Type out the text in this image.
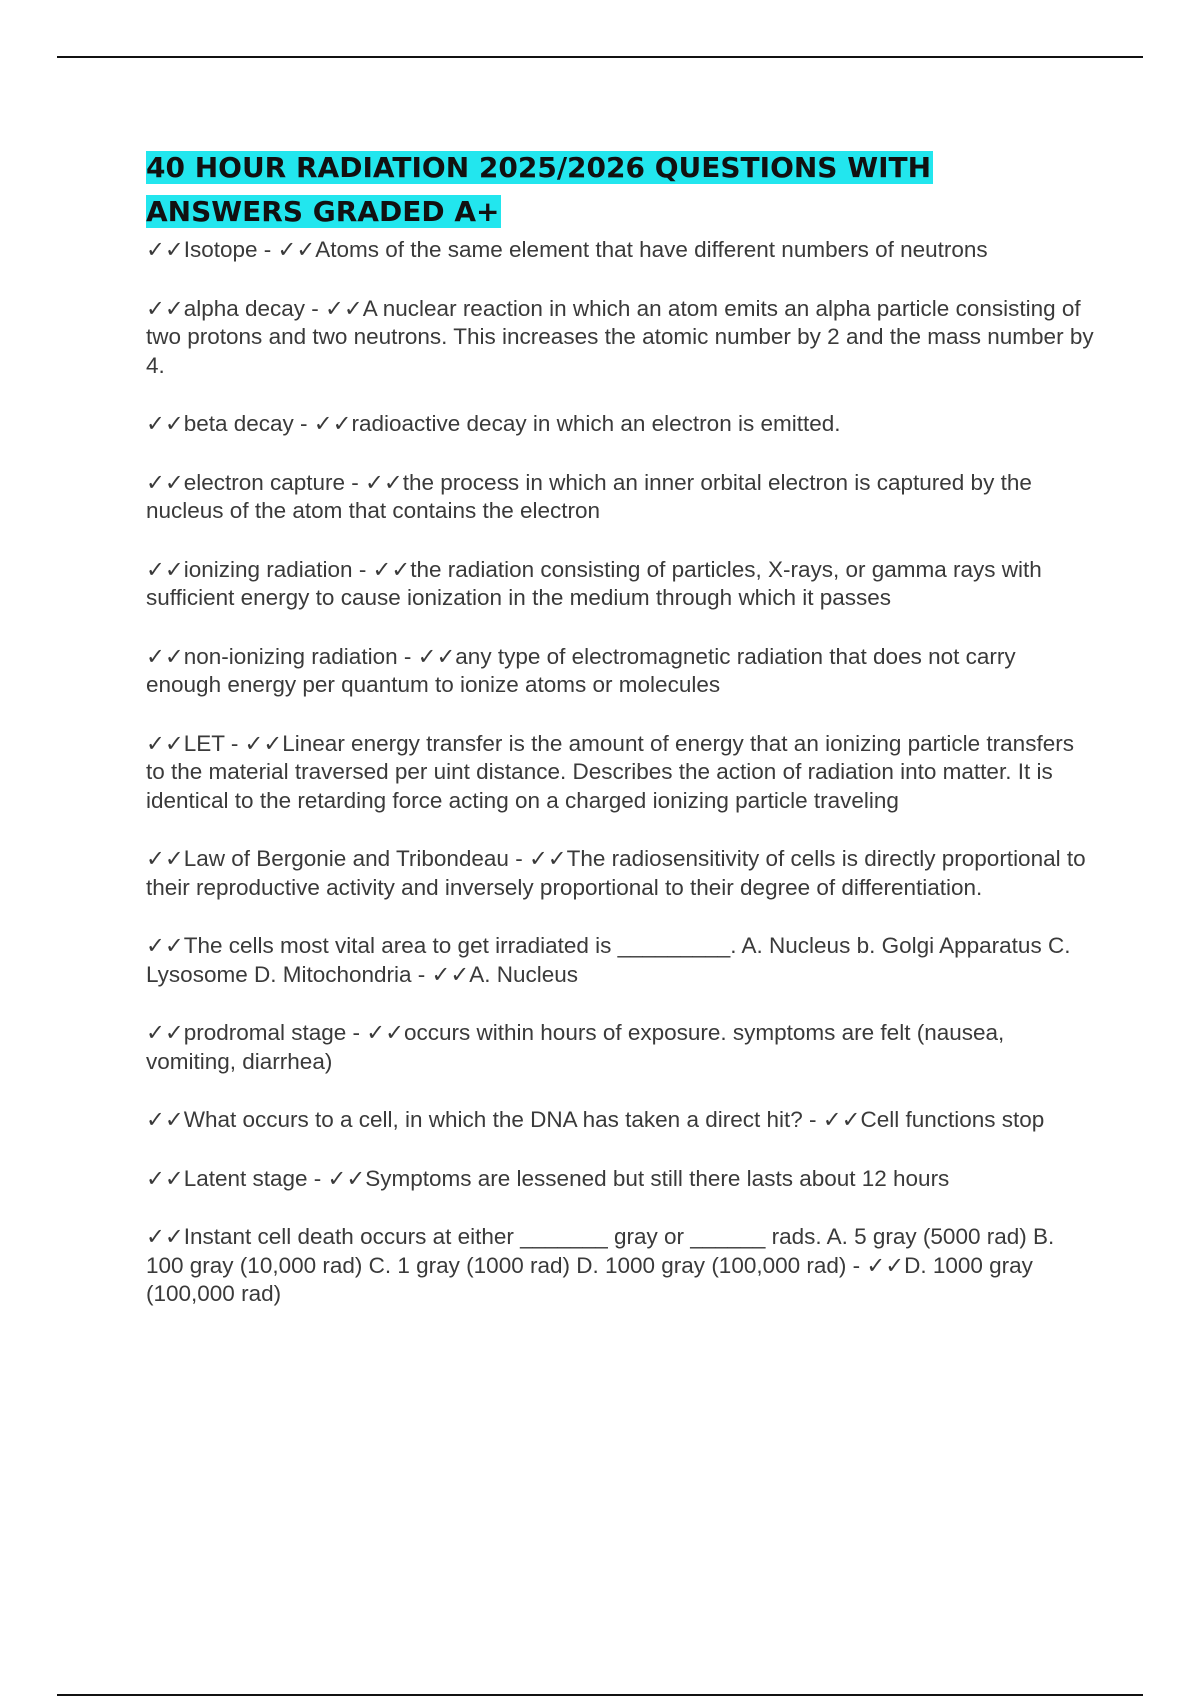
40 HOUR RADIATION 2025/2026 QUESTIONS WITH
ANSWERS GRADED A+

✓✓Isotope - ✓✓Atoms of the same element that have different numbers of neutrons

✓✓alpha decay - ✓✓A nuclear reaction in which an atom emits an alpha particle consisting of two protons and two neutrons. This increases the atomic number by 2 and the mass number by 4.

✓✓beta decay - ✓✓radioactive decay in which an electron is emitted.

✓✓electron capture - ✓✓the process in which an inner orbital electron is captured by the nucleus of the atom that contains the electron

✓✓ionizing radiation - ✓✓the radiation consisting of particles, X-rays, or gamma rays with sufficient energy to cause ionization in the medium through which it passes

✓✓non-ionizing radiation - ✓✓any type of electromagnetic radiation that does not carry enough energy per quantum to ionize atoms or molecules

✓✓LET - ✓✓Linear energy transfer is the amount of energy that an ionizing particle transfers to the material traversed per uint distance. Describes the action of radiation into matter. It is identical to the retarding force acting on a charged ionizing particle traveling

✓✓Law of Bergonie and Tribondeau - ✓✓The radiosensitivity of cells is directly proportional to their reproductive activity and inversely proportional to their degree of differentiation.

✓✓The cells most vital area to get irradiated is _________. A. Nucleus b. Golgi Apparatus C. Lysosome D. Mitochondria - ✓✓A. Nucleus

✓✓prodromal stage - ✓✓occurs within hours of exposure. symptoms are felt (nausea, vomiting, diarrhea)

✓✓What occurs to a cell, in which the DNA has taken a direct hit? - ✓✓Cell functions stop

✓✓Latent stage - ✓✓Symptoms are lessened but still there lasts about 12 hours

✓✓Instant cell death occurs at either _______ gray or ______ rads. A. 5 gray (5000 rad) B. 100 gray (10,000 rad) C. 1 gray (1000 rad) D. 1000 gray (100,000 rad) - ✓✓D. 1000 gray (100,000 rad)
